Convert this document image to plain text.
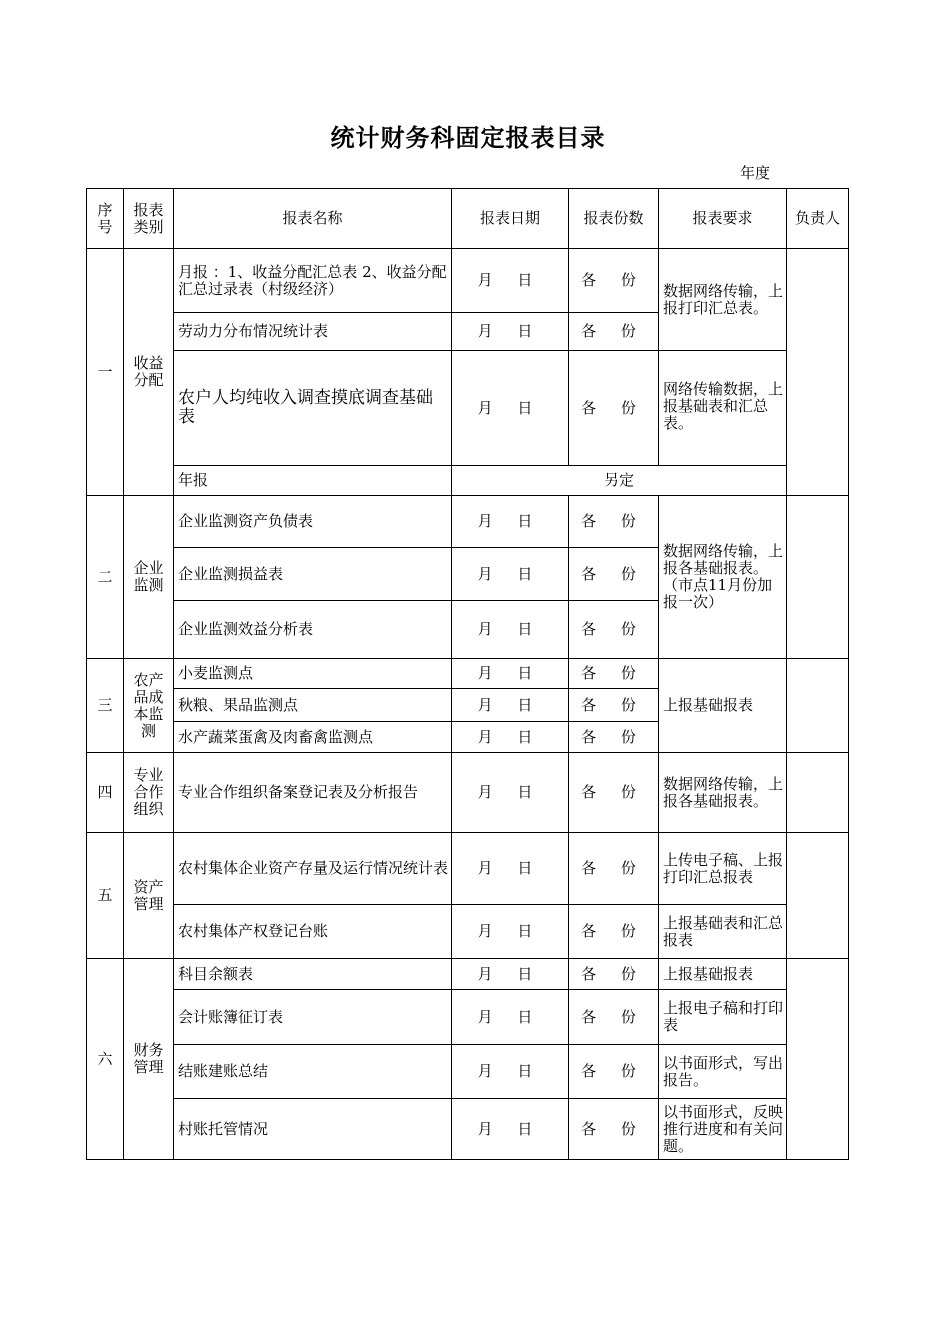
统计财务科固定报表目录
年度
序号	报表类别	报表名称	报表日期	报表份数	报表要求	负责人
一	收益分配	月报 ：1、收益分配汇总表 2、收益分配汇总过录表（村级经济）	月 日	各 份	数据网络传输，上报打印汇总表。	
		劳动力分布情况统计表	月 日	各 份		
		农户人均纯收入调查摸底调查基础表	月 日	各 份	网络传输数据，上报基础表和汇总表。	
		年报	另定			
二	企业监测	企业监测资产负债表	月 日	各 份	数据网络传输，上报各基础报表。（市点11月份加报一次）	
		企业监测损益表	月 日	各 份		
		企业监测效益分析表	月 日	各 份		
三	农产品成本监测	小麦监测点	月 日	各 份	上报基础报表	
		秋粮、果品监测点	月 日	各 份		
		水产蔬菜蛋禽及肉畜禽监测点	月 日	各 份		
四	专业合作组织	专业合作组织备案登记表及分析报告	月 日	各 份	数据网络传输，上报各基础报表。	
五	资产管理	农村集体企业资产存量及运行情况统计表	月 日	各 份	上传电子稿、上报打印汇总报表	
		农村集体产权登记台账	月 日	各 份	上报基础表和汇总报表	
六	财务管理	科目余额表	月 日	各 份	上报基础报表	
		会计账簿征订表	月 日	各 份	上报电子稿和打印表	
		结账建账总结	月 日	各 份	以书面形式，写出报告。	
		村账托管情况	月 日	各 份	以书面形式，反映推行进度和有关问题。	
